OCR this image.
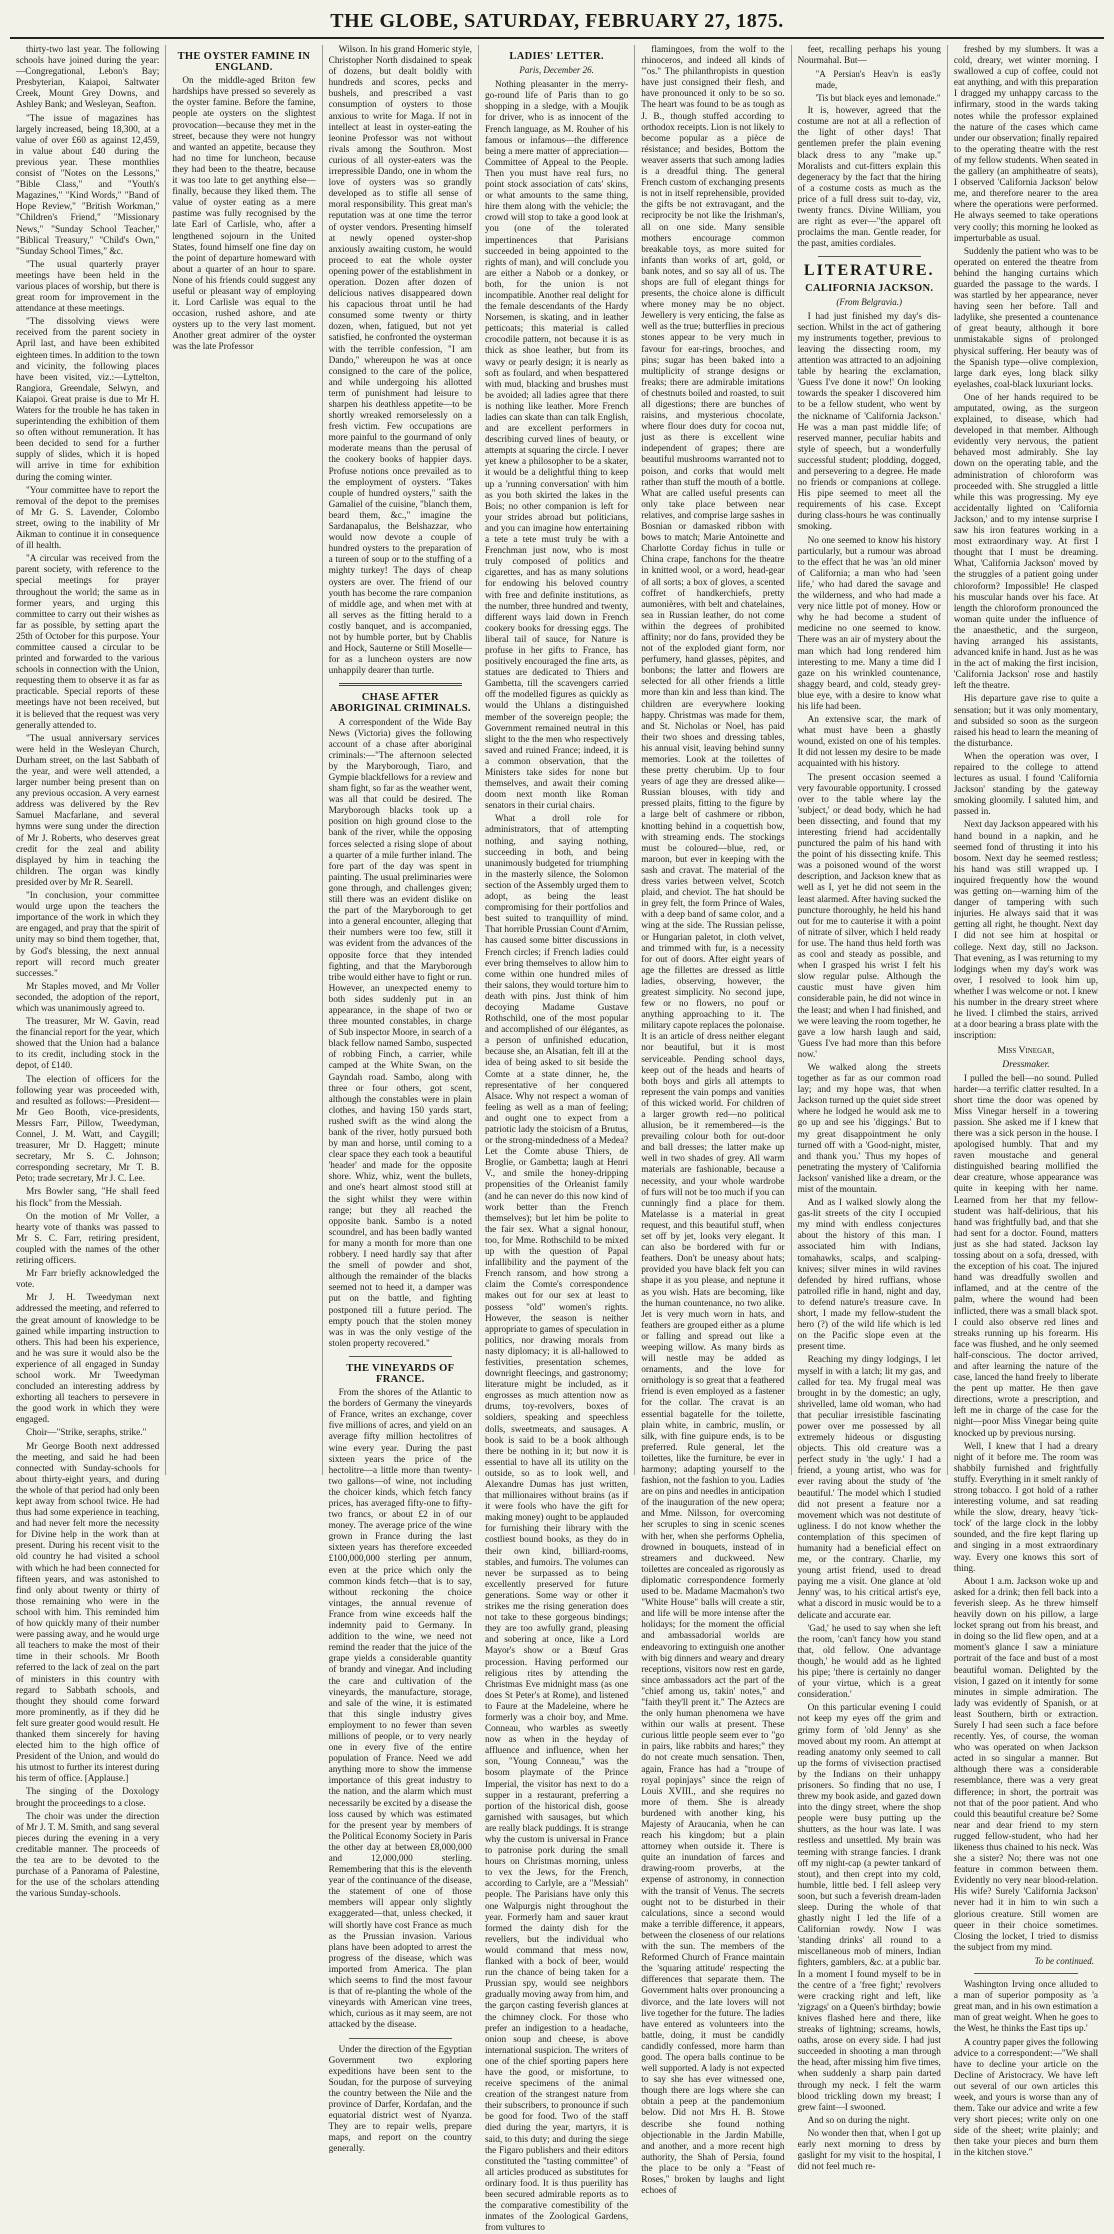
THE GLOBE, SATURDAY, FEBRUARY 27, 1875.

thirty-two last year. The following schools have joined during the year:—Congregational, Lebon's Bay; Presbyterian, Kaiapoi, Saltwater Creek, Mount Grey Downs, and Ashley Bank; and Wesleyan, Seafton.

"The issue of magazines has largely increased, being 18,300, at a value of over £60 as against 12,459, in value about £40 during the previous year. These monthlies consist of "Notes on the Lessons," "Bible Class," and "Youth's Magazines," "Kind Words," "Band of Hope Review," "British Workman," "Children's Friend," "Missionary News," "Sunday School Teacher," "Biblical Treasury," "Child's Own," "Sunday School Times," &c.

"The usual quarterly prayer meetings have been held in the various places of worship, but there is great room for improvement in the attendance at these meetings.

"The dissolving views were received from the parent society in April last, and have been exhibited eighteen times. In addition to the town and vicinity, the following places have been visited, viz.:—Lyttelton, Rangiora, Greendale, Selwyn, and Kaiapoi. Great praise is due to Mr H. Waters for the trouble he has taken in superintending the exhibition of them so often without remuneration. It has been decided to send for a further supply of slides, which it is hoped will arrive in time for exhibition during the coming winter.

"Your committee have to report the removal of the depot to the premises of Mr G. S. Lavender, Colombo street, owing to the inability of Mr Aikman to continue it in consequence of ill health.

"A circular was received from the parent society, with reference to the special meetings for prayer throughout the world; the same as in former years, and urging this committee to carry out their wishes as far as possible, by setting apart the 25th of October for this purpose. Your committee caused a circular to be printed and forwarded to the various schools in connection with the Union, requesting them to observe it as far as practicable. Special reports of these meetings have not been received, but it is believed that the request was very generally attended to.

"The usual anniversary services were held in the Wesleyan Church, Durham street, on the last Sabbath of the year, and were well attended, a larger number being present than on any previous occasion. A very earnest address was delivered by the Rev Samuel Macfarlane, and several hymns were sung under the direction of Mr J. Roberts, who deserves great credit for the zeal and ability displayed by him in teaching the children. The organ was kindly presided over by Mr R. Searell.

"In conclusion, your committee would urge upon the teachers the importance of the work in which they are engaged, and pray that the spirit of unity may so bind them together, that, by God's blessing, the next annual report will record much greater successes."

Mr Staples moved, and Mr Voller seconded, the adoption of the report, which was unanimously agreed to.

The treasurer, Mr W. Gavin, read the financial report for the year, which showed that the Union had a balance to its credit, including stock in the depot, of £140.

The election of officers for the following year was proceeded with, and resulted as follows:—President—Mr Geo Booth, vice-presidents, Messrs Farr, Pillow, Tweedyman, Connel, J. M. Watt, and Caygill; treasurer, Mr D. Haggett; minute secretary, Mr S. C. Johnson; corresponding secretary, Mr T. B. Peto; trade secretary, Mr J. C. Lee.

Mrs Bowler sang, "He shall feed his flock" from the Messiah.

On the motion of Mr Voller, a hearty vote of thanks was passed to Mr S. C. Farr, retiring president, coupled with the names of the other retiring officers.

Mr Farr briefly acknowledged the vote.

Mr J. H. Tweedyman next addressed the meeting, and referred to the great amount of knowledge to be gained while imparting instruction to others. This had been his experience, and he was sure it would also be the experience of all engaged in Sunday school work. Mr Tweedyman concluded an interesting address by exhorting all teachers to persevere in the good work in which they were engaged.

Choir—"Strike, seraphs, strike."

Mr George Booth next addressed the meeting, and said he had been connected with Sunday-schools for about thirty-eight years, and during the whole of that period had only been kept away from school twice. He had thus had some experience in teaching, and had never felt more the necessity for Divine help in the work than at present. During his recent visit to the old country he had visited a school with which he had been connected for fifteen years, and was astonished to find only about twenty or thirty of those remaining who were in the school with him. This reminded him of how quickly many of their number were passing away, and he would urge all teachers to make the most of their time in their schools. Mr Booth referred to the lack of zeal on the part of ministers in this country with regard to Sabbath schools, and thought they should come forward more prominently, as if they did he felt sure greater good would result. He thanked them sincerely for having elected him to the high office of President of the Union, and would do his utmost to further its interest during his term of office. [Applause.]

The singing of the Doxology brought the proceedings to a close.

The choir was under the direction of Mr J. T. M. Smith, and sang several pieces during the evening in a very creditable manner. The proceeds of the tea are to be devoted to the purchase of a Panorama of Palestine, for the use of the scholars attending the various Sunday-schools.

THE OYSTER FAMINE IN ENGLAND.

On the middle-aged Briton few hardships have pressed so severely as the oyster famine. Before the famine, people ate oysters on the slightest provocation—because they met in the street, because they were not hungry and wanted an appetite, because they had no time for luncheon, because they had been to the theatre, because it was too late to get anything else—finally, because they liked them. The value of oyster eating as a mere pastime was fully recognised by the late Earl of Carlisle, who, after a lengthened sojourn in the United States, found himself one fine day on the point of departure homeward with about a quarter of an hour to spare. None of his friends could suggest any useful or pleasant way of employing it. Lord Carlisle was equal to the occasion, rushed ashore, and ate oysters up to the very last moment. Another great admirer of the oyster was the late Professor

Wilson. In his grand Homeric style, Christopher North disdained to speak of dozens, but dealt boldly with hundreds and scores, pecks and bushels, and prescribed a vast consumption of oysters to those anxious to write for Maga. If not in intellect at least in oyster-eating the leonine Professor was not without rivals among the Southron. Most curious of all oyster-eaters was the irrepressible Dando, one in whom the love of oysters was so grandly developed as to stifle all sense of moral responsibility. This great man's reputation was at one time the terror of oyster vendors. Presenting himself at newly opened oyster-shop anxiously awaiting custom, he would proceed to eat the whole oyster opening power of the establishment in operation. Dozen after dozen of delicious natives disappeared down his capacious throat until he had consumed some twenty or thirty dozen, when, fatigued, but not yet satisfied, he confronted the oysterman with the terrible confession, "I am Dando," whereupon he was at once consigned to the care of the police, and while undergoing his allotted term of punishment had leisure to sharpen his deathless appetite—to be shortly wreaked remorselessly on a fresh victim. Few occupations are more painful to the gourmand of only moderate means than the perusal of the cookery books of happier days. Profuse notions once prevailed as to the employment of oysters. "Takes couple of hundred oysters," saith the Gamaliel of the cuisine, "blanch them, beard them, &c.," imagine the Sardanapalus, the Belshazzar, who would now devote a couple of hundred oysters to the preparation of a tureen of soup or to the stuffing of a mighty turkey! The days of cheap oysters are over. The friend of our youth has become the rare companion of middle age, and when met with at all serves as the fitting herald to a costly banquet, and is accompanied, not by humble porter, but by Chablis and Hock, Sauterne or Still Moselle—for as a luncheon oysters are now unhappily dearer than turtle.

CHASE AFTER ABORIGINAL CRIMINALS.

A correspondent of the Wide Bay News (Victoria) gives the following account of a chase after aboriginal criminals:—"The afternoon selected by the Maryborough, Tiaro, and Gympie blackfellows for a review and sham fight, so far as the weather went, was all that could be desired. The Maryborough blacks took up a position on high ground close to the bank of the river, while the opposing forces selected a rising slope of about a quarter of a mile further inland. The fore part of the day was spent in painting. The usual preliminaries were gone through, and challenges given; still there was an evident dislike on the part of the Maryborough to get into a general encounter, alleging that their numbers were too few, still it was evident from the advances of the opposite force that they intended fighting, and that the Maryborough tribe would either have to fight or run. However, an unexpected enemy to both sides suddenly put in an appearance, in the shape of two or three mounted constables, in charge of Sub inspector Moore, in search of a black fellow named Sambo, suspected of robbing Finch, a carrier, while camped at the White Swan, on the Gayndah road. Sambo, along with three or four others, got scent, although the constables were in plain clothes, and having 150 yards start, rushed swift as the wind along the bank of the river, hotly pursued both by man and horse, until coming to a clear space they each took a beautiful 'header' and made for the opposite shore. Whiz, whiz, went the bullets, and one's heart almost stood still at the sight whilst they were within range; but they all reached the opposite bank. Sambo is a noted scoundrel, and has been badly wanted for many a month for more than one robbery. I need hardly say that after the smell of powder and shot, although the remainder of the blacks seemed not to heed it, a damper was put on the battle, and fighting postponed till a future period. The empty pouch that the stolen money was in was the only vestige of the stolen property recovered."

THE VINEYARDS OF FRANCE.

From the shores of the Atlantic to the borders of Germany the vineyards of France, writes an exchange, cover five millions of acres, and yield on an average fifty million hectolitres of wine every year. During the past sixteen years the price of the hectolitre—a little more than twenty-two gallons—of wine, not including the choicer kinds, which fetch fancy prices, has averaged fifty-one to fifty-two francs, or about £2 in of our money. The average price of the wine grown in France during the last sixteen years has therefore exceeded £100,000,000 sterling per annum, even at the price which only the common kinds fetch—that is to say, without reckoning the choice vintages, the annual revenue of France from wine exceeds half the indemnity paid to Germany. In addition to the wine, we need not remind the reader that the juice of the grape yields a considerable quantity of brandy and vinegar. And including the care and cultivation of the vineyards, the manufacture, storage, and sale of the wine, it is estimated that this single industry gives employment to no fewer than seven millions of people, or to very nearly one in every five of the entire population of France. Need we add anything more to show the immense importance of this great industry to the nation, and the alarm which must necessarily be excited by a disease the loss caused by which was estimated for the present year by members of the Political Economy Society in Paris the other day at between £8,000,000 and 12,000,000 sterling. Remembering that this is the eleventh year of the continuance of the disease, the statement of one of those members will appear only slightly exaggerated—that, unless checked, it will shortly have cost France as much as the Prussian invasion. Various plans have been adopted to arrest the progress of the disease, which was imported from America. The plan which seems to find the most favour is that of re-planting the whole of the vineyards with American vine trees, which, curious as it may seem, are not attacked by the disease.

Under the direction of the Egyptian Government two exploring expeditions have been sent to the Soudan, for the purpose of surveying the country between the Nile and the province of Darfer, Kordafan, and the equatorial district west of Nyanza. They are to repair wells, prepare maps, and report on the country generally.

LADIES' LETTER.
Paris, December 26.

Nothing pleasanter in the merry-go-round life of Paris than to go shopping in a sledge, with a Moujik for driver, who is as innocent of the French language, as M. Rouher of his famous or infamous—the difference being a mere matter of appreciation—Committee of Appeal to the People. Then you must have real furs, no point stock association of cats' skins, or what amounts to the same thing, hire them along with the vehicle; the crowd will stop to take a good look at you (one of the tolerated impertinences that Parisians succeeded in being appointed to the rights of man), and will conclude you are either a Nabob or a donkey, or both, for the union is not incompatible. Another real delight for the female descendants of the Hardy Norsemen, is skating, and in leather petticoats; this material is called crocodile pattern, not because it is as thick as shoe leather, but from its wavy or pearly design; it is nearly as soft as foulard, and when bespattered with mud, blacking and brushes must be avoided; all ladies agree that there is nothing like leather. More French ladies can skate than can talk English, and are excellent performers in describing curved lines of beauty, or attempts at squaring the circle. I never yet knew a philosopher to be a skater, it would be a delightful thing to keep up a 'running conversation' with him as you both skirted the lakes in the Bois; no other companion is left for your strides abroad but politicians, and you can imagine how entertaining a tete a tete must truly be with a Frenchman just now, who is most truly composed of politics and cigarettes, and has as many solutions for endowing his beloved country with free and definite institutions, as the number, three hundred and twenty, different ways laid down in French cookery books for dressing eggs. The liberal tail of sauce, for Nature is profuse in her gifts to France, has positively encouraged the fine arts, as statues are dedicated to Thiers and Gambetta, till the scavengers carried off the modelled figures as quickly as would the Uhlans a distinguished member of the sovereign people; the Government remained neutral in this slight to the the men who respectively saved and ruined France; indeed, it is a common observation, that the Ministers take sides for none but themselves, and await their coming doom next month like Roman senators in their curial chairs.

What a droll role for administrators, that of attempting nothing, and saying nothing, succeeding in both, and being unanimously budgeted for triumphing in the masterly silence, the Solomon section of the Assembly urged them to adopt, as being the least compromising for their portfolios and best suited to tranquillity of mind. That horrible Prussian Count d'Arnim, has caused some bitter discussions in French circles; if French ladies could ever bring themselves to allow him to come within one hundred miles of their salons, they would torture him to death with pins. Just think of him decoying Madame Gustave Rothschild, one of the most popular and accomplished of our élégantes, as a person of unfinished education, because she, an Alsatian, felt ill at the idea of being asked to sit beside the Comte at a state dinner, he, the representative of her conquered Alsace. Why not respect a woman of feeling as well as a man of feeling; and ought one to expect from a patriotic lady the stoicism of a Brutus, or the strong-mindedness of a Medea? Let the Comte abuse Thiers, de Broglie, or Gambetta; laugh at Henri V., and smile the honey-dripping propensities of the Orleanist family (and he can never do this now kind of work better than the French themselves); but let him be polite to the fair sex. What a signal honour, too, for Mme. Rothschild to be mixed up with the question of Papal infallibility and the payment of the French ransom, and how strong a claim the Comte's correspondence makes out for our sex at least to possess "old" women's rights. However, the season is neither appropriate to games of speculation in politics, nor drawing morals from nasty diplomacy; it is all-hallowed to festivities, presentation schemes, downright fleecings, and gastronomy; literature might be included, as it engrosses as much attention now as drums, toy-revolvers, boxes of soldiers, speaking and speechless dolls, sweetmeats, and sausages. A book is said to be a book although there be nothing in it; but now it is essential to have all its utility on the outside, so as to look well, and Alexandre Dumas has just written, that millionaires without brains (as if it were fools who have the gift for making money) ought to be applauded for furnishing their library with the costliest bound books, as they do in their own kind, billiard-rooms, stables, and fumoirs. The volumes can never be surpassed as to being excellently preserved for future generations. Some way or other it strikes me the rising generation does not take to these gorgeous bindings; they are too awfully grand, pleasing and sobering at once, like a Lord Mayor's show or a Bœuf Gras procession. Having performed our religious rites by attending the Christmas Eve midnight mass (as one does St Peter's at Rome), and listened to Faure at the Madeleine, where he formerly was a choir boy, and Mme. Conneau, who warbles as sweetly now as when in the heyday of affluence and influence, when her son, "Young Conneau," was the bosom playmate of the Prince Imperial, the visitor has next to do a supper in a restaurant, preferring a portion of the historical dish, goose garnished with sausages, but which are really black puddings. It is strange why the custom is universal in France to patronise pork during the small hours on Christmas morning, unless to vex the Jews, for the French, according to Carlyle, are a "Messiah" people. The Parisians have only this one Walpurgis night throughout the year. Formerly ham and sauer kraut formed the dainty dish for the revellers, but the individual who would command that mess now, flanked with a bock of beer, would run the chance of being taken for a Prussian spy, would see neighbors gradually moving away from him, and the garçon casting feverish glances at the chimney clock. For those who prefer an indigestion to a headache, onion soup and cheese, is above international suspicion. The writers of one of the chief sporting papers here have the good, or misfortune, to receive specimens of the animal creation of the strangest nature from their subscribers, to pronounce if such be good for food. Two of the staff died during the year, martyrs, it is said, to this duty; and during the siege the Figaro publishers and their editors constituted the "tasting committee" of all articles produced as substitutes for ordinary food. It is thus puerility has been secured admirable reports as to the comparative comestibility of the inmates of the Zoological Gardens, from vultures to

flamingoes, from the wolf to the rhinoceros, and indeed all kinds of "'os." The philanthropists in question have just consigned their flesh, and have pronounced it only to be so so. The heart was found to be as tough as J. B., though stuffed according to orthodox receipts. Lion is not likely to become popular as a pièce de résistance; and besides, Bottom the weaver asserts that such among ladies is a dreadful thing. The general French custom of exchanging presents is not in itself reprehensible, provided the gifts be not extravagant, and the reciprocity be not like the Irishman's, all on one side. Many sensible mothers encourage common breakable toys, as more suited for infants than works of art, gold, or bank notes, and so say all of us. The shops are full of elegant things for presents, the choice alone is difficult where money may be no object. Jewellery is very enticing, the false as well as the true; butterflies in precious stones appear to be very much in favour for ear-rings, brooches, and pins; sugar has been baked into a multiplicity of strange designs or freaks; there are admirable imitations of chestnuts boiled and roasted, to suit all digestions; there are bunches of raisins, and mysterious chocolate, where flour does duty for cocoa nut, just as there is excellent wine independent of grapes; there are beautiful mushrooms warranted not to poison, and corks that would melt rather than stuff the mouth of a bottle. What are called useful presents can only take place between near relatives, and comprise large sashes in Bosnian or damasked ribbon with bows to match; Marie Antoinette and Charlotte Corday fichus in tulle or China crape, fanchons for the theatre in knitted wool, or a word, head-gear of all sorts; a box of gloves, a scented coffret of handkerchiefs, pretty aumonières, with belt and chatelaines, sea in Russian leather, do not come within the degrees of prohibited affinity; nor do fans, provided they be not of the exploded giant form, nor perfumery, hand glasses, pèpites, and bonbons; the latter and flowers are selected for all other friends a little more than kin and less than kind. The children are everywhere looking happy. Christmas was made for them, and St. Nicholas or Noel, has paid their two shoes and dressing tables, his annual visit, leaving behind sunny memories. Look at the toilettes of these pretty cherubim. Up to four years of age they are dressed alike—Russian blouses, with tidy and pressed plaits, fitting to the figure by a large belt of cashmere or ribbon, knotting behind in a coquettish bow, with streaming ends. The stockings must be coloured—blue, red, or maroon, but ever in keeping with the sash and cravat. The material of the dress varies between velvet, Scotch plaid, and cheviot. The hat should be in grey felt, the form Prince of Wales, with a deep band of same color, and a wing at the side. The Russian pelisse, or Hungarian paletot, in cloth velvet, and trimmed with fur, is a necessity for out of doors. After eight years of age the fillettes are dressed as little ladies, observing, however, the greatest simplicity. No second jupe, few or no flowers, no pouf or anything approaching to it. The military capote replaces the polonaise. It is an article of dress neither elegant nor beautiful, but it is most serviceable. Pending school days, keep out of the heads and hearts of both boys and girls all attempts to represent the vain pomps and vanities of this wicked world. For children of a larger growth red—no political allusion, be it remembered—is the prevailing colour both for out-door and ball dresses; the latter make up well in two shades of grey. All warm materials are fashionable, because a necessity, and your whole wardrobe of furs will not be too much if you can cunningly find a place for them. Matelasse is a material in great request, and this beautiful stuff, when set off by jet, looks very elegant. It can also be bordered with fur or feathers. Don't be uneasy about hats; provided you have black felt you can shape it as you please, and neptune it as you wish. Hats are becoming, like the human countenance, no two alike. Jet is very much worn in hats, and feathers are grouped either as a plume or falling and spread out like a weeping willow. As many birds as will nestle may be added as ornaments, and the love for ornithology is so great that a feathered friend is even employed as a fastener for the collar. The cravat is an essential bagatelle for the toilette, plain white, in cambric, muslin, or silk, with fine guipure ends, is to be preferred. Rule general, let the toilettes, like the furniture, be ever in harmony; adapting yourself to the fashion, not the fashion to you. Ladies are on pins and needles in anticipation of the inauguration of the new opera; and Mme. Nilsson, for overcoming her scruples to sing in scenic scenes with her, when she performs Ophelia, drowned in bouquets, instead of in streamers and duckweed. New toilettes are concealed as rigorously as diplomatic correspondence formerly used to be. Madame Macmahon's two "White House" balls will create a stir, and life will be more intense after the holidays; for the moment the official and ambassadorial worlds are endeavoring to extinguish one another with big dinners and weary and dreary receptions, visitors now rest en garde, since ambassadors act the part of the "chief among us, takin' notes," and "faith they'll prent it." The Aztecs are the only human phenomena we have within our walls at present. These curious little people seem ever to "go in pairs, like rabbits and hares;" they do not create much sensation. Then, again, France has had a "troupe of royal popinjays" since the reign of Louis XVIII., and she requires no more of them. She is already burdened with another king, his Majesty of Araucania, when he can reach his kingdom; but a plain attorney when outside it. There is quite an inundation of farces and drawing-room proverbs, at the expense of astronomy, in connection with the transit of Venus. The secrets ought not to be disturbed in their calculations, since a second would make a terrible difference, it appears, between the closeness of our relations with the sun. The members of the Reformed Church of France maintain the 'squaring attitude' respecting the differences that separate them. The Government halts over pronouncing a divorce, and the late lovers will not live together for the future. The ladies have entered as volunteers into the battle, doing, it must be candidly candidly confessed, more harm than good. The opera balls continue to be well supported. A lady is not expected to say she has ever witnessed one, though there are logs where she can obtain a peep at the pandemonium below. Did not Mrs H. B. Stowe describe she found nothing objectionable in the Jardin Mabille, and another, and a more recent high authority, the Shah of Persia, found the place to be only a "Feast of Roses," broken by laughs and light echoes of

feet, recalling perhaps his young Nourmahal. But—

"A Persian's Heav'n is eas'ly made,
'Tis but black eyes and lemonade."

It is, however, agreed that the costume are not at all a reflection of the light of other days! That gentlemen prefer the plain evening black dress to any "make up." Moralists and cut-fitters explain this degeneracy by the fact that the hiring of a costume costs as much as the price of a full dress suit to-day, viz, twenty francs. Divine William, you are right as ever—"the apparel oft proclaims the man. Gentle reader, for the past, amities cordiales.

LITERATURE.
CALIFORNIA JACKSON.
(From Belgravia.)

I had just finished my day's dis-section. Whilst in the act of gathering my instruments together, previous to leaving the dissecting room, my attention was attracted to an adjoining table by hearing the exclamation, 'Guess I've done it now!' On looking towards the speaker I discovered him to be a fellow student, who went by the nickname of 'California Jackson.' He was a man past middle life; of reserved manner, peculiar habits and style of speech, but a wonderfully successful student; plodding, dogged, and persevering to a degree. He made no friends or companions at college. His pipe seemed to meet all the requirements of his case. Except during class-hours he was continually smoking.

No one seemed to know his history particularly, but a rumour was abroad to the effect that he was 'an old miner of California; a man who had 'seen life,' who had dared the savage and the wilderness, and who had made a very nice little pot of money. How or why he had become a student of medicine no one seemed to know. There was an air of mystery about the man which had long rendered him interesting to me. Many a time did I gaze on his wrinkled countenance, shaggy beard, and cold, steady grey-blue eye, with a desire to know what his life had been.

An extensive scar, the mark of what must have been a ghastly wound, existed on one of his temples. It did not lessen my desire to be made acquainted with his history.

The present occasion seemed a very favourable opportunity. I crossed over to the table where lay the 'subject,' or dead body, which he had been dissecting, and found that my interesting friend had accidentally punctured the palm of his hand with the point of his dissecting knife. This was a poisoned wound of the worst description, and Jackson knew that as well as I, yet he did not seem in the least alarmed. After having sucked the puncture thoroughly, he held his hand out for me to cauterise it with a point of nitrate of silver, which I held ready for use. The hand thus held forth was as cool and steady as possible, and when I grasped his wrist I felt his slow regular pulse. Although the caustic must have given him considerable pain, he did not wince in the least; and when I had finished, and we were leaving the room together, he gave a low harsh laugh and said, 'Guess I've had more than this before now.'

We walked along the streets together as far as our common road lay; and my hope was, that when Jackson turned up the quiet side street where he lodged he would ask me to go up and see his 'diggings.' But to my great disappointment he only turned off with a 'Good-night, mister, and thank you.' Thus my hopes of penetrating the mystery of 'California Jackson' vanished like a dream, or the mist of the mountain.

And as I walked slowly along the gas-lit streets of the city I occupied my mind with endless conjectures about the history of this man. I associated him with Indians, tomahawks, scalps, and scalping-knives; silver mines in wild ravines defended by hired ruffians, whose patrolled rifle in hand, night and day, to defend nature's treasure cave. In short, I made my fellow-student the hero (?) of the wild life which is led on the Pacific slope even at the present time.

Reaching my dingy lodgings, I let myself in with a latch; lit my gas, and called for tea. My frugal meal was brought in by the domestic; an ugly, shrivelled, lame old woman, who had that peculiar irresistible fascinating power over me possessed by all extremely hideous or disgusting objects. This old creature was a perfect study in 'the ugly.' I had a friend, a young artist, who was for ever raving about the study of 'the beautiful.' The model which I studied did not present a feature nor a movement which was not destitute of ugliness. I do not know whether the contemplation of this specimen of humanity had a beneficial effect on me, or the contrary. Charlie, my young artist friend, used to dread paying me a visit. One glance at 'old Jenny' was, to his critical artist's eye, what a discord in music would be to a delicate and accurate ear.

'Gad,' he used to say when she left the room, 'can't fancy how you stand that, old fellow. One advantage though,' he would add as he lighted his pipe; 'there is certainly no danger of your virtue, which is a great consideration.'

On this particular evening I could not keep my eyes off the grim and grimy form of 'old Jenny' as she moved about my room. An attempt at reading anatomy only seemed to call up the forms of vivisection practised by the Indians on their unhappy prisoners. So finding that no use, I threw my book aside, and gazed down into the dingy street, where the shop people were busy putting up the shutters, as the hour was late. I was restless and unsettled. My brain was teeming with strange fancies. I drank off my night-cap (a pewter tankard of stout), and then crept into my cold, humble, little bed. I fell asleep very soon, but such a feverish dream-laden sleep. During the whole of that ghastly night I led the life of a Californian rowdy. Now I was 'standing drinks' all round to a miscellaneous mob of miners, Indian fighters, gamblers, &c. at a public bar. In a moment I found myself to be in the centre of a 'free fight;' revolvers were cracking right and left, like 'zigzags' on a Queen's birthday; bowie knives flashed here and there, like streaks of lightning; screams, howls, oaths, arose on every side. I had just succeeded in shooting a man through the head, after missing him five times, when suddenly a sharp pain darted through my neck. I felt the warm blood trickling down my breast; I grew faint—I swooned.

And so on during the night.

No wonder then that, when I got up early next morning to dress by gaslight for my visit to the hospital, I did not feel much re-

freshed by my slumbers. It was a cold, dreary, wet winter morning. I swallowed a cup of coffee, could not eat anything, and with this preparation I dragged my unhappy carcass to the infirmary, stood in the wards taking notes while the professor explained the nature of the cases which came under our observation; finally repaired to the operating theatre with the rest of my fellow students. When seated in the gallery (an amphitheatre of seats), I observed 'California Jackson' below me, and therefore nearer to the area where the operations were performed. He always seemed to take operations very coolly; this morning he looked as imperturbable as usual.

Suddenly the patient who was to be operated on entered the theatre from behind the hanging curtains which guarded the passage to the wards. I was startled by her appearance, never having seen her before. Tall and ladylike, she presented a countenance of great beauty, although it bore unmistakable signs of prolonged physical suffering. Her beauty was of the Spanish type—olive complexion, large dark eyes, long black silky eyelashes, coal-black luxuriant locks.

One of her hands required to be amputated, owing, as the surgeon explained, to disease, which had developed in that member. Although evidently very nervous, the patient behaved most admirably. She lay down on the operating table, and the administration of chloroform was proceeded with. She struggled a little while this was progressing. My eye accidentally lighted on 'California Jackson,' and to my intense surprise I saw his iron features working in a most extraordinary way. At first I thought that I must be dreaming. What, 'California Jackson' moved by the struggles of a patient going under chloroform? Impossible! He clasped his muscular hands over his face. At length the chloroform pronounced the woman quite under the influence of the anaesthetic, and the surgeon, having arranged his assistants, advanced knife in hand. Just as he was in the act of making the first incision, 'California Jackson' rose and hastily left the theatre.

His departure gave rise to quite a sensation; but it was only momentary, and subsided so soon as the surgeon raised his head to learn the meaning of the disturbance.

When the operation was over, I repaired to the college to attend lectures as usual. I found 'California Jackson' standing by the gateway smoking gloomily. I saluted him, and passed in.

Next day Jackson appeared with his hand bound in a napkin, and he seemed fond of thrusting it into his bosom. Next day he seemed restless; his hand was still wrapped up. I inquired frequently how the wound was getting on—warning him of the danger of tampering with such injuries. He always said that it was getting all right, he thought. Next day I did not see him at hospital or college. Next day, still no Jackson. That evening, as I was returning to my lodgings when my day's work was over, I resolved to look him up, whether I was welcome or not. I knew his number in the dreary street where he lived. I climbed the stairs, arrived at a door bearing a brass plate with the inscription:

Miss Vinegar,
Dressmaker.

I pulled the bell—no sound. Pulled harder—a terrific clatter resulted. In a short time the door was opened by Miss Vinegar herself in a towering passion. She asked me if I knew that there was a sick person in the house. I apologised humbly. That and my raven moustache and general distinguished bearing mollified the dear creature, whose appearance was quite in keeping with her name. Learned from her that my fellow-student was half-delirious, that his hand was frightfully bad, and that she had sent for a doctor. Found, matters just as she had stated. Jackson lay tossing about on a sofa, dressed, with the exception of his coat. The injured hand was dreadfully swollen and inflamed, and at the centre of the palm, where the wound had been inflicted, there was a small black spot. I could also observe red lines and streaks running up his forearm. His face was flushed, and he only seemed half-conscious. The doctor arrived, and after learning the nature of the case, lanced the hand freely to liberate the pent up matter. He then gave directions, wrote a prescription, and left me in charge of the case for the night—poor Miss Vinegar being quite knocked up by previous nursing.

Well, I knew that I had a dreary night of it before me. The room was shabbily furnished and frightfully stuffy. Everything in it smelt rankly of strong tobacco. I got hold of a rather interesting volume, and sat reading while the slow, dreary, heavy 'tick-tock' of the large clock in the lobby sounded, and the fire kept flaring up and singing in a most extraordinary way. Every one knows this sort of thing.

About 1 a.m. Jackson woke up and asked for a drink; then fell back into a feverish sleep. As he threw himself heavily down on his pillow, a large locket sprang out from his breast, and in doing so the lid flew open, and at a moment's glance I saw a miniature portrait of the face and bust of a most beautiful woman. Delighted by the vision, I gazed on it intently for some minutes in simple admiration. The lady was evidently of Spanish, or at least Southern, birth or extraction. Surely I had seen such a face before recently. Yes, of course, the woman who was operated on when Jackson acted in so singular a manner. But although there was a considerable resemblance, there was a very great difference; in short, the portrait was not that of the poor patient. And who could this beautiful creature be? Some near and dear friend to my stern rugged fellow-student, who had her likeness thus chained to his neck. Was she a sister? No; there was not one feature in common between them. Evidently no very near blood-relation. His wife? Surely 'California Jackson' never had it in him to win such a glorious creature. Still women are queer in their choice sometimes. Closing the locket, I tried to dismiss the subject from my mind.

To be continued.

Washington Irving once alluded to a man of superior pomposity as 'a great man, and in his own estimation a man of great weight. When he goes to the West, he thinks the East tips up.'

A country paper gives the following advice to a correspondent:—"We shall have to decline your article on the Decline of Aristocracy. We have left out several of our own articles this week, and yours is worse than any of them. Take our advice and write a few very short pieces; write only on one side of the sheet; write plainly; and then take your pieces and burn them in the kitchen stove."
